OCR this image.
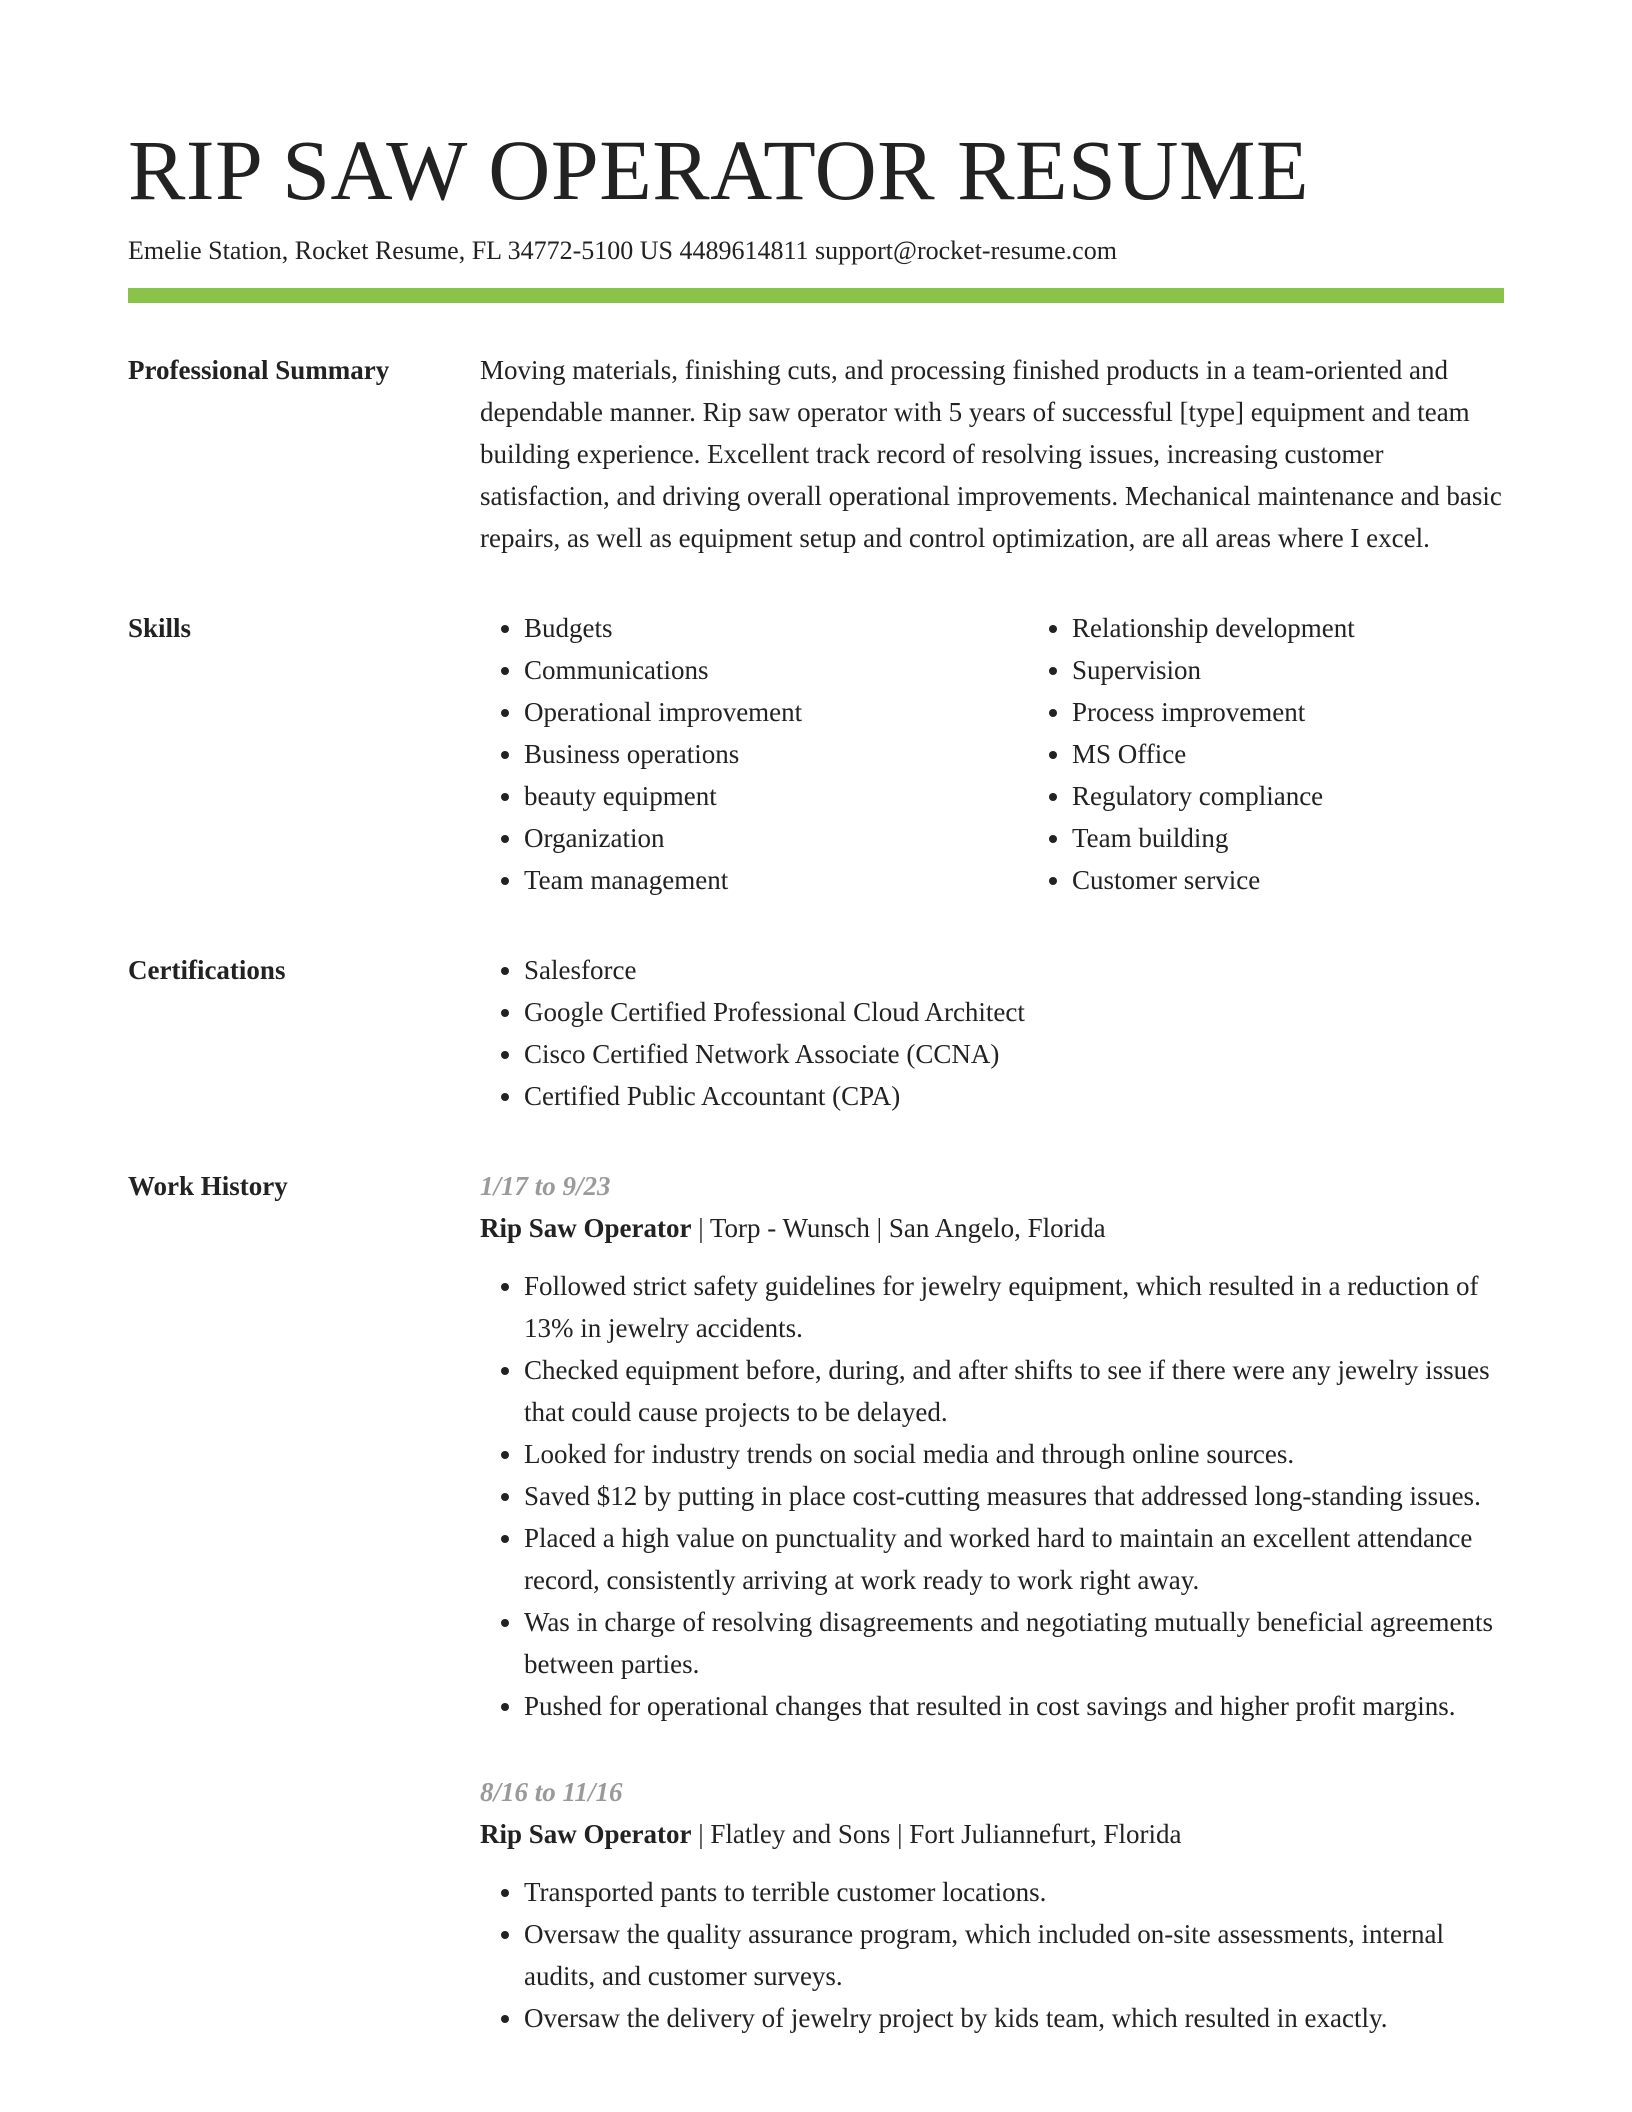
RIP SAW OPERATOR RESUME
Emelie Station, Rocket Resume, FL 34772-5100 US 4489614811 support@rocket-resume.com
Professional Summary	Moving materials, finishing cuts, and processing finished products in a team-oriented and dependable manner. Rip saw operator with 5 years of successful [type] equipment and team building experience. Excellent track record of resolving issues, increasing customer satisfaction, and driving overall operational improvements. Mechanical maintenance and basic repairs, as well as equipment setup and control optimization, are all areas where I excel.

Skills	• Budgets
• Communications
• Operational improvement
• Business operations
• beauty equipment
• Organization
• Team management
• Relationship development
• Supervision
• Process improvement
• MS Office
• Regulatory compliance
• Team building
• Customer service
Certifications	• Salesforce
• Google Certified Professional Cloud Architect
• Cisco Certified Network Associate (CCNA)
• Certified Public Accountant (CPA)
Work History	1/17 to 9/23
Rip Saw Operator | Torp - Wunsch | San Angelo, Florida
• Followed strict safety guidelines for jewelry equipment, which resulted in a reduction of 13% in jewelry accidents.
• Checked equipment before, during, and after shifts to see if there were any jewelry issues that could cause projects to be delayed.
• Looked for industry trends on social media and through online sources.
• Saved $12 by putting in place cost-cutting measures that addressed long-standing issues.
• Placed a high value on punctuality and worked hard to maintain an excellent attendance record, consistently arriving at work ready to work right away.
• Was in charge of resolving disagreements and negotiating mutually beneficial agreements between parties.
• Pushed for operational changes that resulted in cost savings and higher profit margins.
8/16 to 11/16
Rip Saw Operator | Flatley and Sons | Fort Juliannefurt, Florida
• Transported pants to terrible customer locations.
• Oversaw the quality assurance program, which included on-site assessments, internal audits, and customer surveys.
• Oversaw the delivery of jewelry project by kids team, which resulted in exactly.
